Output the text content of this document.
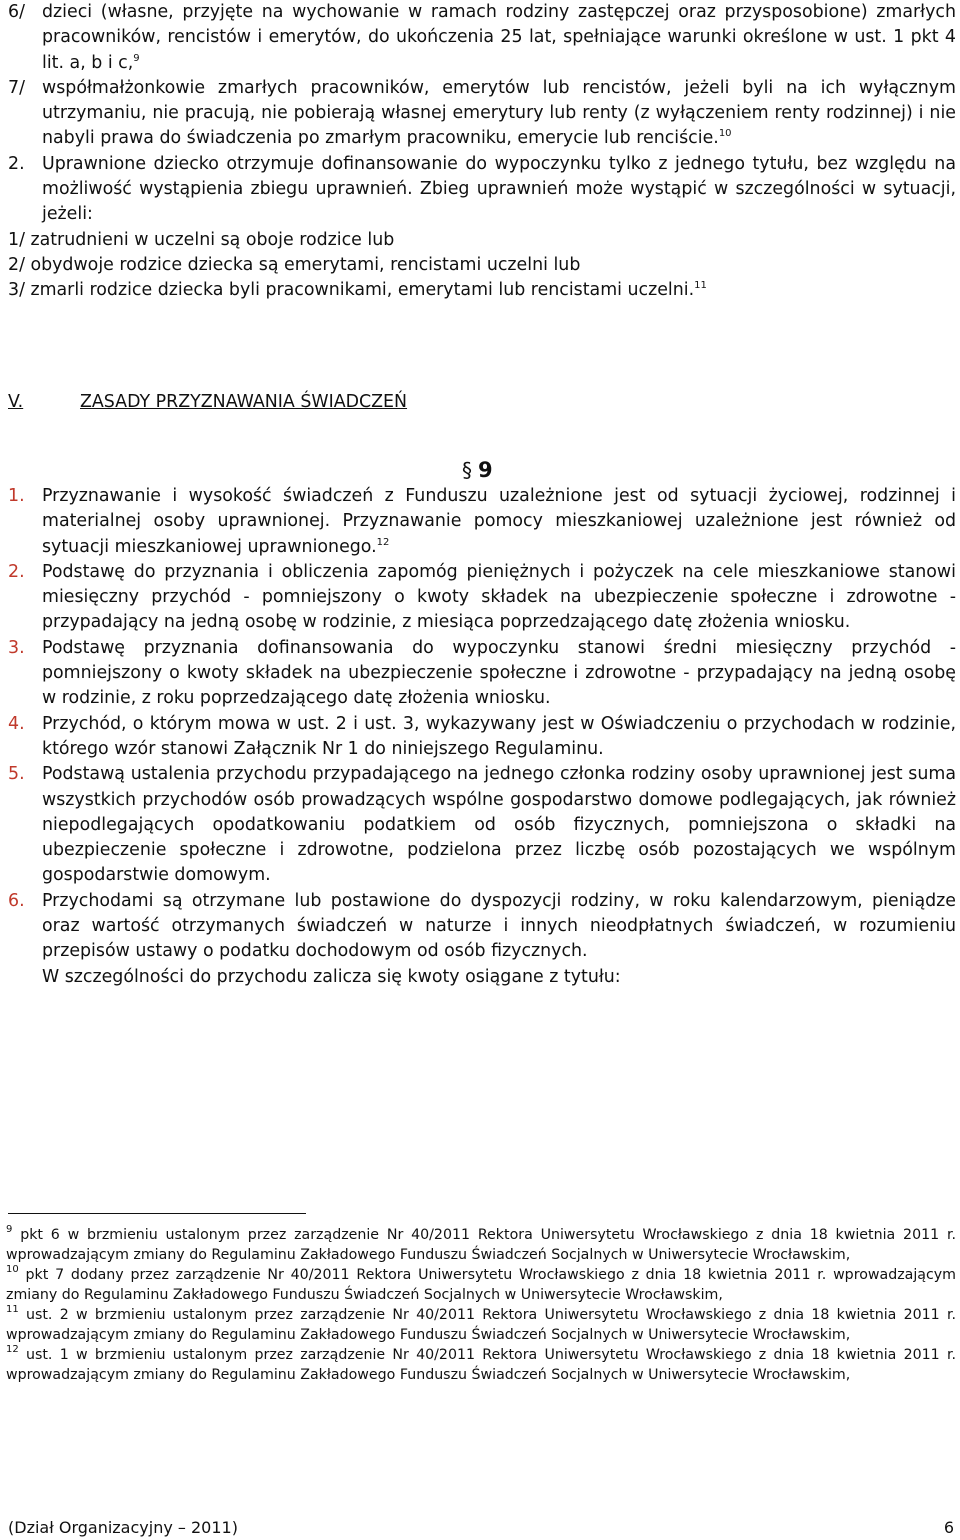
6/ dzieci (własne, przyjęte na wychowanie w ramach rodziny zastępczej oraz przysposobione) zmarłych pracowników, rencistów i emerytów, do ukończenia 25 lat, spełniające warunki określone w ust. 1 pkt 4 lit. a, b i c,$^9$
7/ współmałżonkowie zmarłych pracowników, emerytów lub rencistów, jeżeli byli na ich wyłącznym utrzymaniu, nie pracują, nie pobierają własnej emerytury lub renty (z wyłączeniem renty rodzinnej) i nie nabyli prawa do świadczenia po zmarłym pracowniku, emerycie lub renciście.$^{10}$
2.	Uprawnione dziecko otrzymuje dofinansowanie do wypoczynku tylko z jednego tytułu, bez względu na możliwość wystąpienia zbiegu uprawnień. Zbieg uprawnień może wystąpić w szczególności w sytuacji, jeżeli:
1/ zatrudnieni w uczelni są oboje rodzice lub
2/ obydwoje rodzice dziecka są emerytami, rencistami uczelni lub
3/ zmarli rodzice dziecka byli pracownikami, emerytami lub rencistami uczelni.$^{11}$
V.	ZASADY PRZYZNAWANIA ŚWIADCZEŃ
§ 9
1.	Przyznawanie i wysokość świadczeń z Funduszu uzależnione jest od sytuacji życiowej, rodzinnej i materialnej osoby uprawnionej. Przyznawanie pomocy mieszkaniowej uzależnione jest również od sytuacji mieszkaniowej uprawnionego.$^{12}$
2.	Podstawę do przyznania i obliczenia zapomóg pieniężnych i pożyczek na cele mieszkaniowe stanowi miesięczny przychód - pomniejszony o kwoty składek na ubezpieczenie społeczne i zdrowotne - przypadający na jedną osobę w rodzinie, z miesiąca poprzedzającego datę złożenia wniosku.
3.	Podstawę przyznania dofinansowania do wypoczynku stanowi średni miesięczny przychód - pomniejszony o kwoty składek na ubezpieczenie społeczne i zdrowotne - przypadający na jedną osobę w rodzinie, z roku poprzedzającego datę złożenia wniosku.
4.	Przychód, o którym mowa w ust. 2 i ust. 3, wykazywany jest w Oświadczeniu o przychodach w rodzinie, którego wzór stanowi Załącznik Nr 1 do niniejszego Regulaminu.
5.	Podstawą ustalenia przychodu przypadającego na jednego członka rodziny osoby uprawnionej jest suma wszystkich przychodów osób prowadzących wspólne gospodarstwo domowe podlegających, jak również niepodlegających opodatkowaniu podatkiem od osób fizycznych, pomniejszona o składki na ubezpieczenie społeczne i zdrowotne, podzielona przez liczbę osób pozostających we wspólnym gospodarstwie domowym.
6.	Przychodami są otrzymane lub postawione do dyspozycji rodziny, w roku kalendarzowym, pieniądze oraz wartość otrzymanych świadczeń w naturze i innych nieodpłatnych świadczeń, w rozumieniu przepisów ustawy o podatku dochodowym od osób fizycznych.
W szczególności do przychodu zalicza się kwoty osiągane z tytułu:

$^9$ pkt 6 w brzmieniu ustalonym przez zarządzenie Nr 40/2011 Rektora Uniwersytetu Wrocławskiego z dnia 18 kwietnia 2011 r. wprowadzającym zmiany do Regulaminu Zakładowego Funduszu Świadczeń Socjalnych w Uniwersytecie Wrocławskim,

$^{10}$ pkt 7 dodany przez zarządzenie Nr 40/2011 Rektora Uniwersytetu Wrocławskiego z dnia 18 kwietnia 2011 r. wprowadzającym zmiany do Regulaminu Zakładowego Funduszu Świadczeń Socjalnych w Uniwersytecie Wrocławskim,

$^{11}$ ust. 2 w brzmieniu ustalonym przez zarządzenie Nr 40/2011 Rektora Uniwersytetu Wrocławskiego z dnia 18 kwietnia 2011 r. wprowadzającym zmiany do Regulaminu Zakładowego Funduszu Świadczeń Socjalnych w Uniwersytecie Wrocławskim,

$^{12}$ ust. 1 w brzmieniu ustalonym przez zarządzenie Nr 40/2011 Rektora Uniwersytetu Wrocławskiego z dnia 18 kwietnia 2011 r. wprowadzającym zmiany do Regulaminu Zakładowego Funduszu Świadczeń Socjalnych w Uniwersytecie Wrocławskim,

(Dział Organizacyjny – 2011)	6
